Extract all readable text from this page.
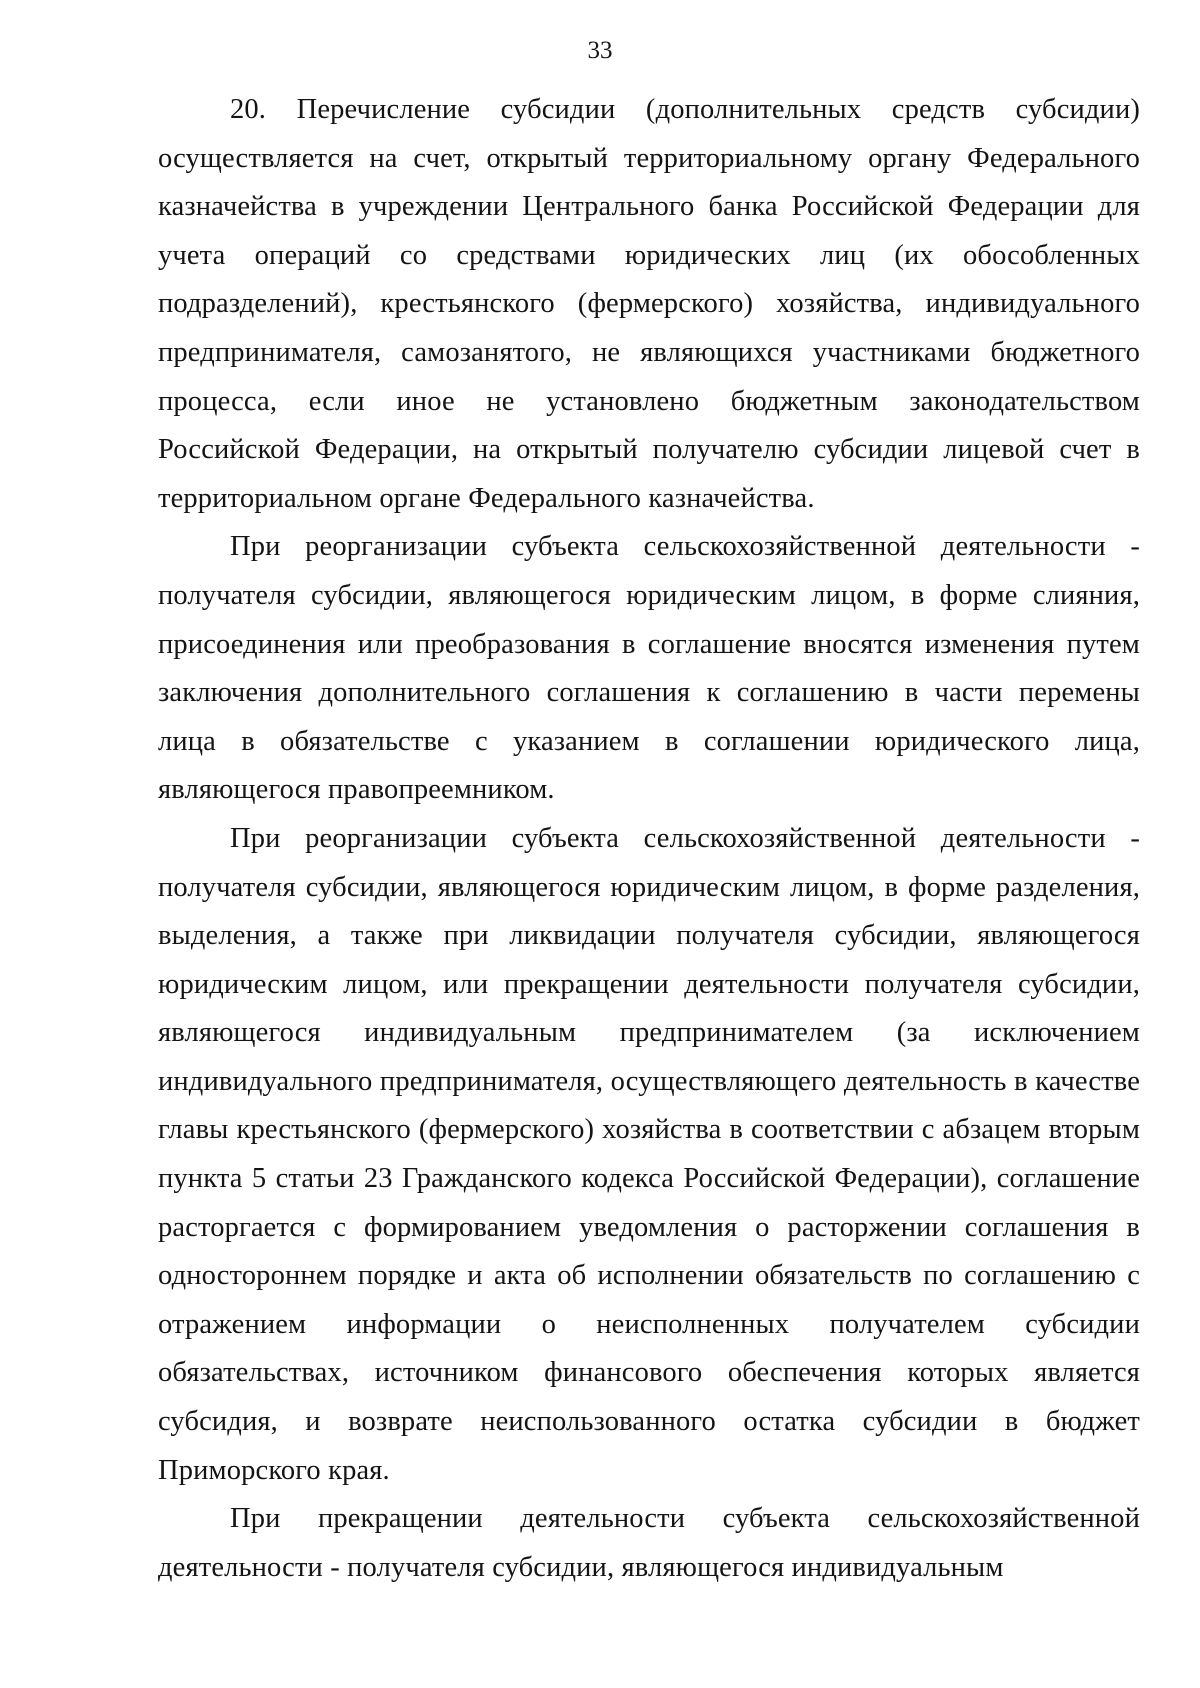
33

20. Перечисление субсидии (дополнительных средств субсидии) осуществляется на счет, открытый территориальному органу Федерального казначейства в учреждении Центрального банка Российской Федерации для учета операций со средствами юридических лиц (их обособленных подразделений), крестьянского (фермерского) хозяйства, индивидуального предпринимателя, самозанятого, не являющихся участниками бюджетного процесса, если иное не установлено бюджетным законодательством Российской Федерации, на открытый получателю субсидии лицевой счет в территориальном органе Федерального казначейства.

При реорганизации субъекта сельскохозяйственной деятельности - получателя субсидии, являющегося юридическим лицом, в форме слияния, присоединения или преобразования в соглашение вносятся изменения путем заключения дополнительного соглашения к соглашению в части перемены лица в обязательстве с указанием в соглашении юридического лица, являющегося правопреемником.

При реорганизации субъекта сельскохозяйственной деятельности - получателя субсидии, являющегося юридическим лицом, в форме разделения, выделения, а также при ликвидации получателя субсидии, являющегося юридическим лицом, или прекращении деятельности получателя субсидии, являющегося индивидуальным предпринимателем (за исключением индивидуального предпринимателя, осуществляющего деятельность в качестве главы крестьянского (фермерского) хозяйства в соответствии с абзацем вторым пункта 5 статьи 23 Гражданского кодекса Российской Федерации), соглашение расторгается с формированием уведомления о расторжении соглашения в одностороннем порядке и акта об исполнении обязательств по соглашению с отражением информации о неисполненных получателем субсидии обязательствах, источником финансового обеспечения которых является субсидия, и возврате неиспользованного остатка субсидии в бюджет Приморского края.

При прекращении деятельности субъекта сельскохозяйственной деятельности - получателя субсидии, являющегося индивидуальным
